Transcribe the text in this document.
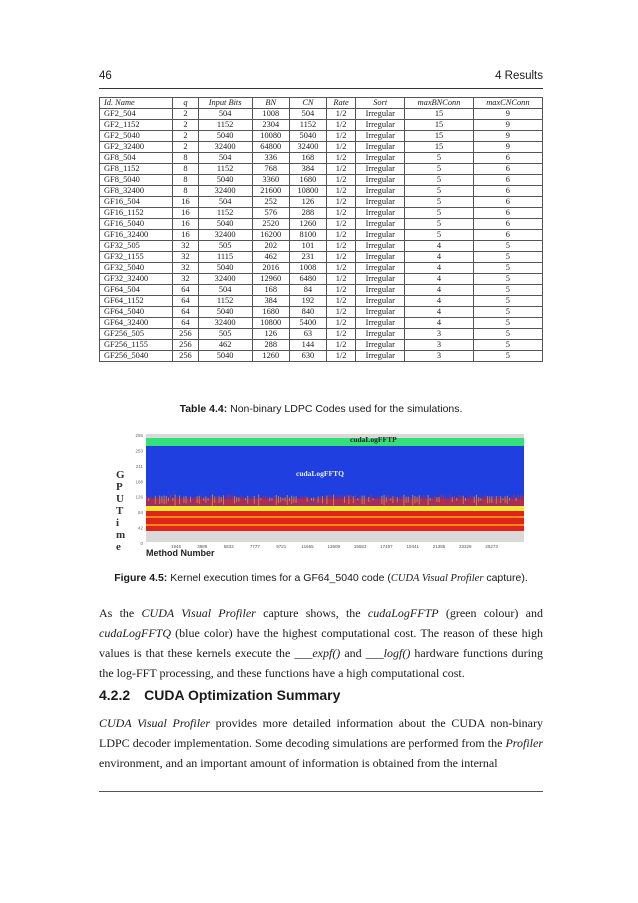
46	4 Results
Id. Name	q	Input Bits	BN	CN	Rate	Sort	maxBNConn	maxCNConn
GF2_504	2	504	1008	504	1/2	Irregular	15	9
GF2_1152	2	1152	2304	1152	1/2	Irregular	15	9
GF2_5040	2	5040	10080	5040	1/2	Irregular	15	9
GF2_32400	2	32400	64800	32400	1/2	Irregular	15	9
GF8_504	8	504	336	168	1/2	Irregular	5	6
GF8_1152	8	1152	768	384	1/2	Irregular	5	6
GF8_5040	8	5040	3360	1680	1/2	Irregular	5	6
GF8_32400	8	32400	21600	10800	1/2	Irregular	5	6
GF16_504	16	504	252	126	1/2	Irregular	5	6
GF16_1152	16	1152	576	288	1/2	Irregular	5	6
GF16_5040	16	5040	2520	1260	1/2	Irregular	5	6
GF16_32400	16	32400	16200	8100	1/2	Irregular	5	6
GF32_505	32	505	202	101	1/2	Irregular	4	5
GF32_1155	32	1115	462	231	1/2	Irregular	4	5
GF32_5040	32	5040	2016	1008	1/2	Irregular	4	5
GF32_32400	32	32400	12960	6480	1/2	Irregular	4	5
GF64_504	64	504	168	84	1/2	Irregular	4	5
GF64_1152	64	1152	384	192	1/2	Irregular	4	5
GF64_5040	64	5040	1680	840	1/2	Irregular	4	5
GF64_32400	64	32400	10800	5400	1/2	Irregular	4	5
GF256_505	256	505	126	63	1/2	Irregular	3	5
GF256_1155	256	462	288	144	1/2	Irregular	3	5
GF256_5040	256	5040	1260	630	1/2	Irregular	3	5
Table 4.4: Non-binary LDPC Codes used for the simulations.
G
P
U
T
i
m
e
255
253
211
168
126
84
42
0
cudaLogFFTP
cudaLogFFTQ
1945	3889	5833	7777	9721	11665	13609	15553	17497	19441	21385	23329	25273
Method Number
Figure 4.5: Kernel execution times for a GF64_5040 code (CUDA Visual Profiler capture).
As the CUDA Visual Profiler capture shows, the cudaLogFFTP (green colour) and cudaLogFFTQ (blue color) have the highest computational cost. The reason of these high values is that these kernels execute the ___expf() and ___logf() hardware functions during the log-FFT processing, and these functions have a high computational cost.
4.2.2 CUDA Optimization Summary
CUDA Visual Profiler provides more detailed information about the CUDA non-binary LDPC decoder implementation. Some decoding simulations are performed from the Profiler environment, and an important amount of information is obtained from the internal
